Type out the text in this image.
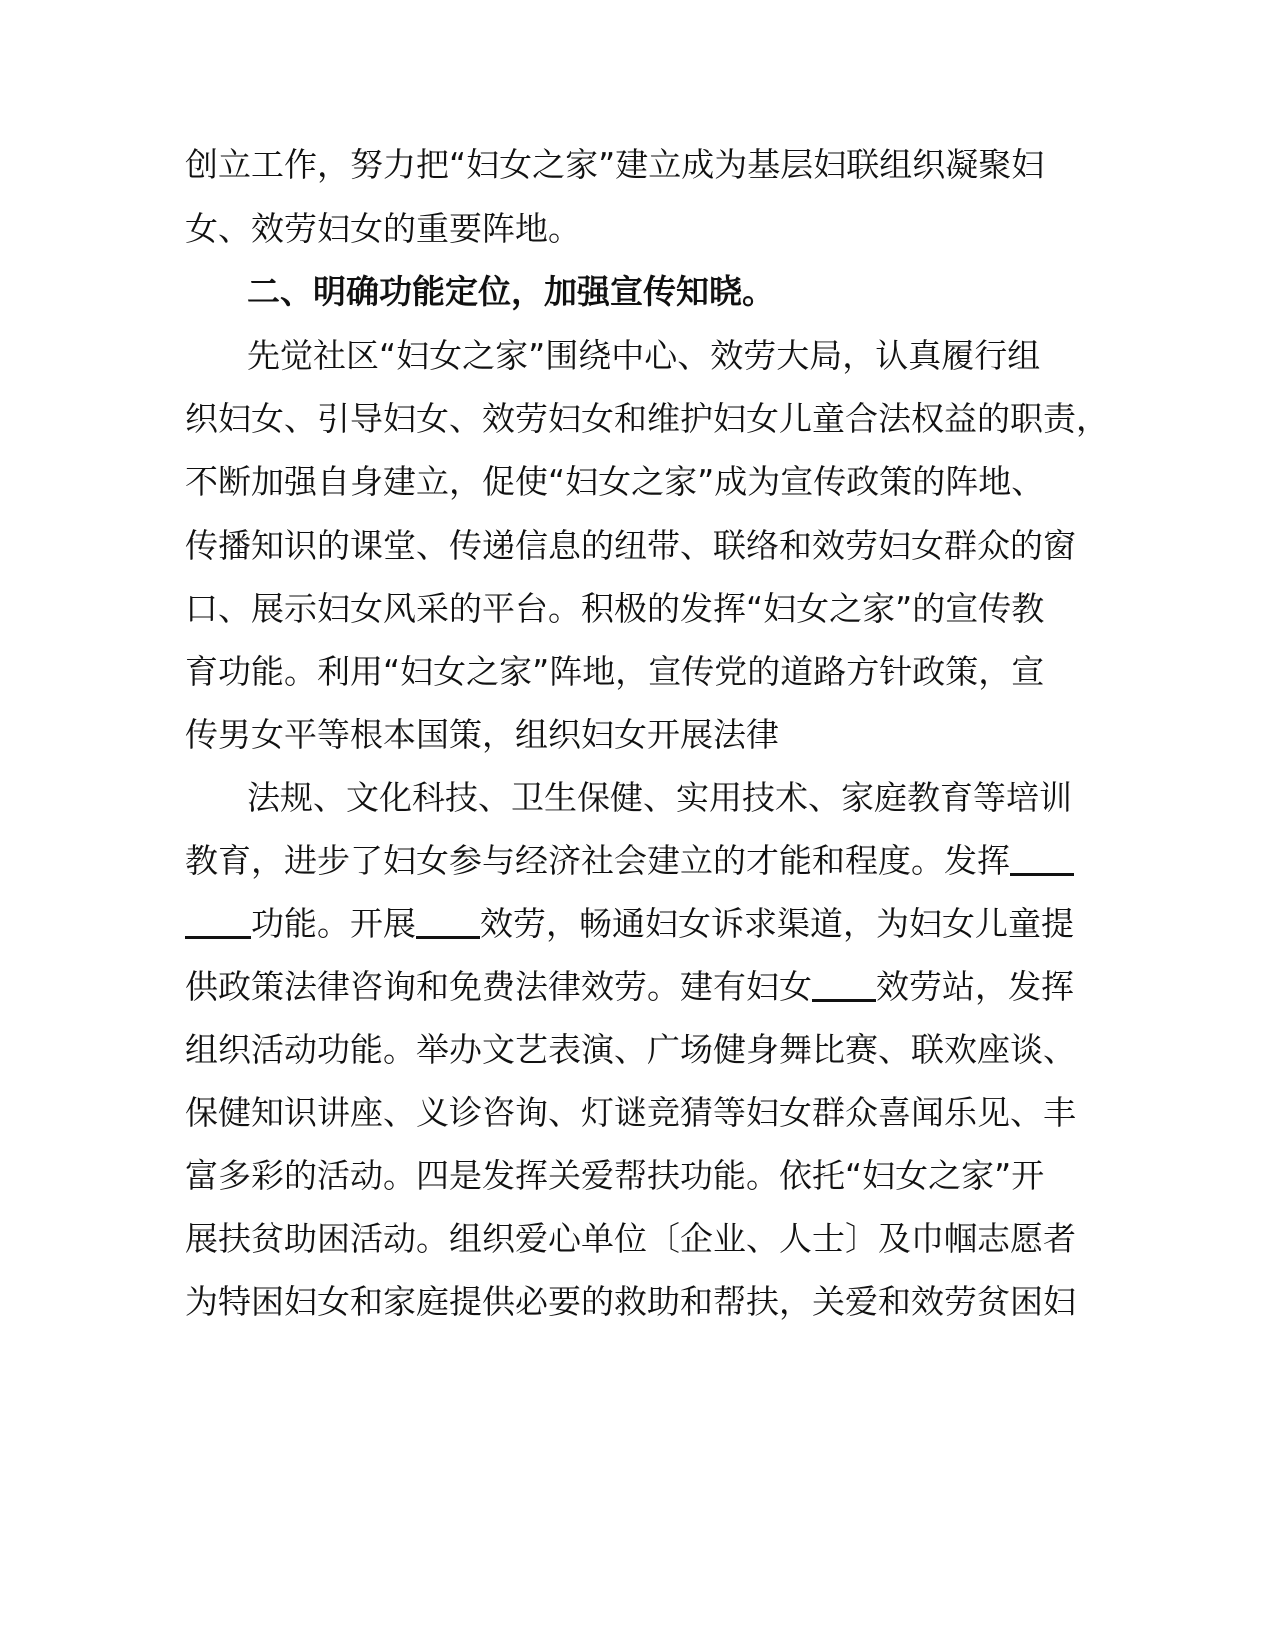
创立工作，努力把“妇女之家”建立成为基层妇联组织凝聚妇
女、效劳妇女的重要阵地。
二、明确功能定位，加强宣传知晓。
先觉社区“妇女之家”围绕中心、效劳大局，认真履行组
织妇女、引导妇女、效劳妇女和维护妇女儿童合法权益的职责，
不断加强自身建立，促使“妇女之家”成为宣传政策的阵地、
传播知识的课堂、传递信息的纽带、联络和效劳妇女群众的窗
口、展示妇女风采的平台。积极的发挥“妇女之家”的宣传教
育功能。利用“妇女之家”阵地，宣传党的道路方针政策，宣
传男女平等根本国策，组织妇女开展法律
法规、文化科技、卫生保健、实用技术、家庭教育等培训
教育，进步了妇女参与经济社会建立的才能和程度。发挥
功能。开展 效劳，畅通妇女诉求渠道，为妇女儿童提
供政策法律咨询和免费法律效劳。建有妇女 效劳站，发挥
组织活动功能。举办文艺表演、广场健身舞比赛、联欢座谈、
保健知识讲座、义诊咨询、灯谜竞猜等妇女群众喜闻乐见、丰
富多彩的活动。四是发挥关爱帮扶功能。依托“妇女之家”开
展扶贫助困活动。组织爱心单位〔企业、人士〕及巾帼志愿者
为特困妇女和家庭提供必要的救助和帮扶，关爱和效劳贫困妇
